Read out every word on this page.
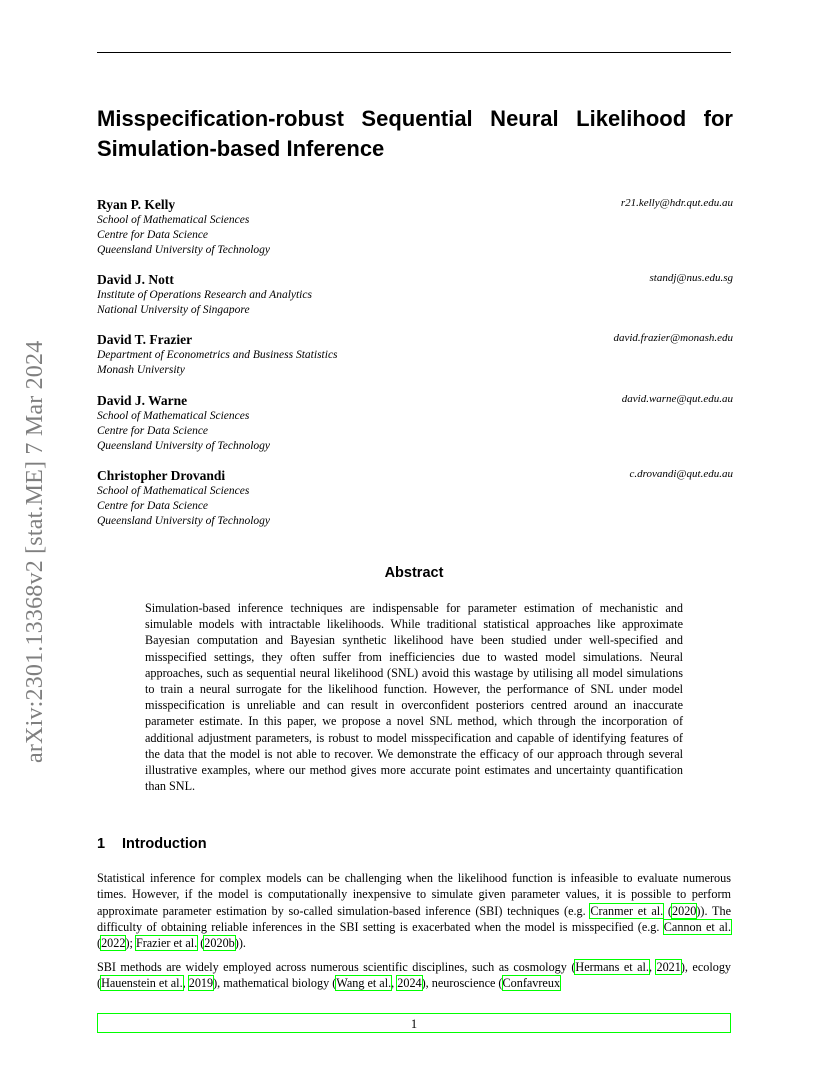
arXiv:2301.13368v2 [stat.ME] 7 Mar 2024
Misspecification-robust Sequential Neural Likelihood for Simulation-based Inference
Ryan P. Kelly	r21.kelly@hdr.qut.edu.au
School of Mathematical Sciences
Centre for Data Science
Queensland University of Technology
David J. Nott	standj@nus.edu.sg
Institute of Operations Research and Analytics
National University of Singapore
David T. Frazier	david.frazier@monash.edu
Department of Econometrics and Business Statistics
Monash University
David J. Warne	david.warne@qut.edu.au
School of Mathematical Sciences
Centre for Data Science
Queensland University of Technology
Christopher Drovandi	c.drovandi@qut.edu.au
School of Mathematical Sciences
Centre for Data Science
Queensland University of Technology
Abstract
Simulation-based inference techniques are indispensable for parameter estimation of mechanistic and simulable models with intractable likelihoods. While traditional statistical approaches like approximate Bayesian computation and Bayesian synthetic likelihood have been studied under well-specified and misspecified settings, they often suffer from inefficiencies due to wasted model simulations. Neural approaches, such as sequential neural likelihood (SNL) avoid this wastage by utilising all model simulations to train a neural surrogate for the likelihood function. However, the performance of SNL under model misspecification is unreliable and can result in overconfident posteriors centred around an inaccurate parameter estimate. In this paper, we propose a novel SNL method, which through the incorporation of additional adjustment parameters, is robust to model misspecification and capable of identifying features of the data that the model is not able to recover. We demonstrate the efficacy of our approach through several illustrative examples, where our method gives more accurate point estimates and uncertainty quantification than SNL.
1 Introduction
Statistical inference for complex models can be challenging when the likelihood function is infeasible to evaluate numerous times. However, if the model is computationally inexpensive to simulate given parameter values, it is possible to perform approximate parameter estimation by so-called simulation-based inference (SBI) techniques (e.g. Cranmer et al. (2020)). The difficulty of obtaining reliable inferences in the SBI setting is exacerbated when the model is misspecified (e.g. Cannon et al. (2022); Frazier et al. (2020b)).
SBI methods are widely employed across numerous scientific disciplines, such as cosmology (Hermans et al., 2021), ecology (Hauenstein et al., 2019), mathematical biology (Wang et al., 2024), neuroscience (Confavreux
1
